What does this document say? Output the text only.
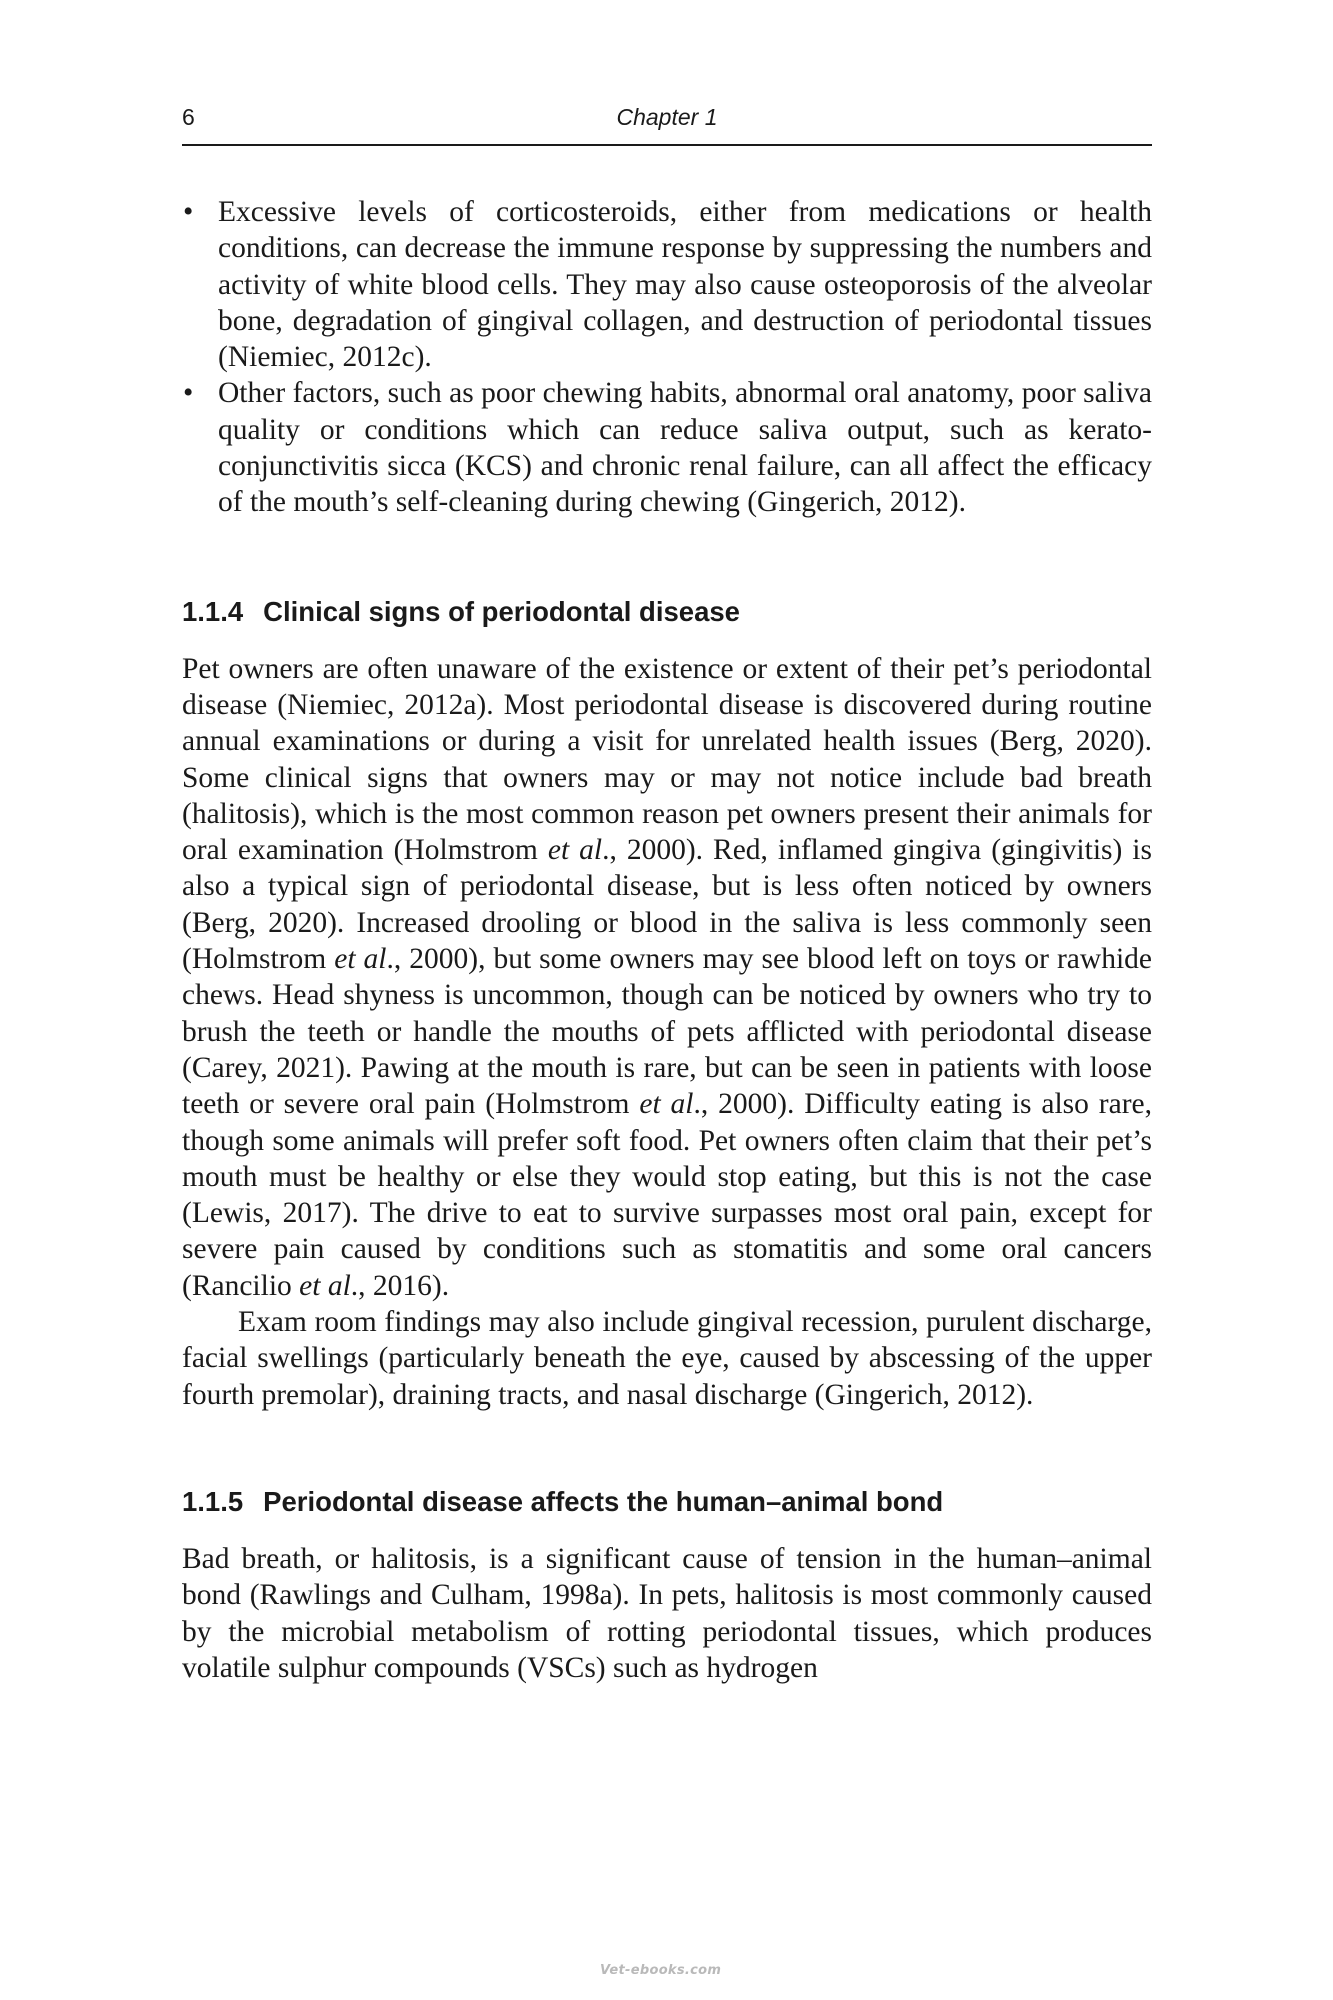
6	Chapter 1
• Excessive levels of corticosteroids, either from medications or health conditions, can decrease the immune response by suppressing the numbers and activity of white blood cells. They may also cause osteoporosis of the alveolar bone, degradation of gingival collagen, and destruction of periodontal tissues (Niemiec, 2012c).
• Other factors, such as poor chewing habits, abnormal oral anatomy, poor saliva quality or conditions which can reduce saliva output, such as kerato-conjunctivitis sicca (KCS) and chronic renal failure, can all affect the efficacy of the mouth’s self-cleaning during chewing (Gingerich, 2012).
1.1.4 Clinical signs of periodontal disease

Pet owners are often unaware of the existence or extent of their pet’s periodontal disease (Niemiec, 2012a). Most periodontal disease is discovered during routine annual examinations or during a visit for unrelated health issues (Berg, 2020). Some clinical signs that owners may or may not notice include bad breath (halitosis), which is the most common reason pet owners present their animals for oral examination (Holmstrom et al., 2000). Red, inflamed gingiva (gingivitis) is also a typical sign of periodontal disease, but is less often noticed by owners (Berg, 2020). Increased drooling or blood in the saliva is less commonly seen (Holmstrom et al., 2000), but some owners may see blood left on toys or rawhide chews. Head shyness is uncommon, though can be noticed by owners who try to brush the teeth or handle the mouths of pets afflicted with periodontal disease (Carey, 2021). Pawing at the mouth is rare, but can be seen in patients with loose teeth or severe oral pain (Holmstrom et al., 2000). Difficulty eating is also rare, though some animals will prefer soft food. Pet owners often claim that their pet’s mouth must be healthy or else they would stop eating, but this is not the case (Lewis, 2017). The drive to eat to survive surpasses most oral pain, except for severe pain caused by conditions such as stomatitis and some oral cancers (Rancilio et al., 2016).

Exam room findings may also include gingival recession, purulent discharge, facial swellings (particularly beneath the eye, caused by abscessing of the upper fourth premolar), draining tracts, and nasal discharge (Gingerich, 2012).

1.1.5 Periodontal disease affects the human–animal bond

Bad breath, or halitosis, is a significant cause of tension in the human–animal bond (Rawlings and Culham, 1998a). In pets, halitosis is most commonly caused by the microbial metabolism of rotting periodontal tissues, which produces volatile sulphur compounds (VSCs) such as hydrogen

Vet-ebooks.com
